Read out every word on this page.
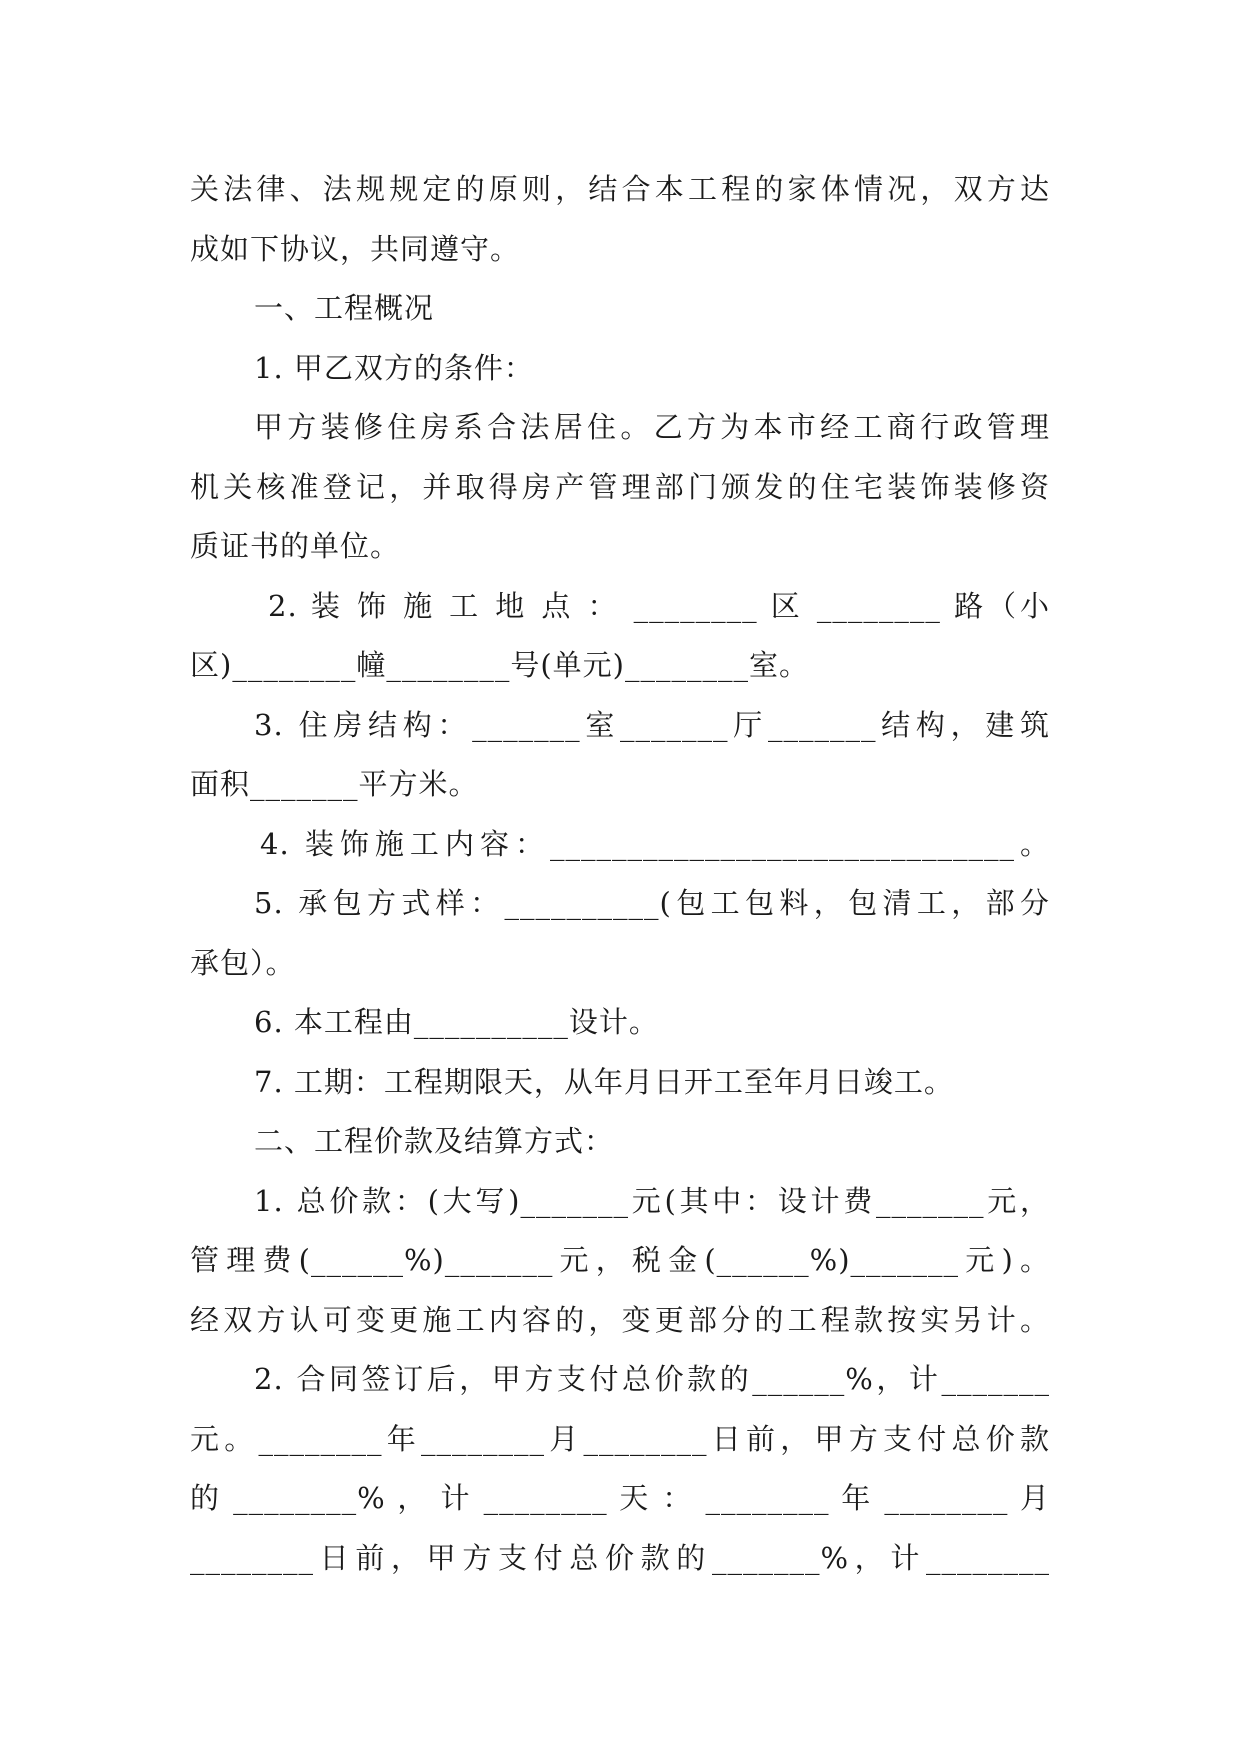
关法律、法规规定的原则，结合本工程的家体情况，双方达
成如下协议，共同遵守。
一、工程概况
1. 甲乙双方的条件：
甲方装修住房系合法居住。乙方为本市经工商行政管理
机关核准登记，并取得房产管理部门颁发的住宅装饰装修资
质证书的单位。
2. 装 饰 施 工 地 点 ： ________ 区 ________ 路（小
区)________幢________号(单元)________室。
3. 住房结构：_______室_______厅_______结构，建筑
面积_______平方米。
4. 装饰施工内容：______________________________。
5. 承包方式样：__________(包工包料，包清工，部分
承包）。
6. 本工程由__________设计。
7. 工期：工程期限天，从年月日开工至年月日竣工。
二、工程价款及结算方式：
1. 总价款：(大写)_______元(其中：设计费_______元，
管理费(______%)_______元，税金(______%)_______元)。
经双方认可变更施工内容的，变更部分的工程款按实另计。
2. 合同签订后，甲方支付总价款的______%，计_______
元。________年________月________日前，甲方支付总价款
的 ________% ， 计 ________ 天 ： ________ 年 ________ 月
________日前，甲方支付总价款的_______%，计________
